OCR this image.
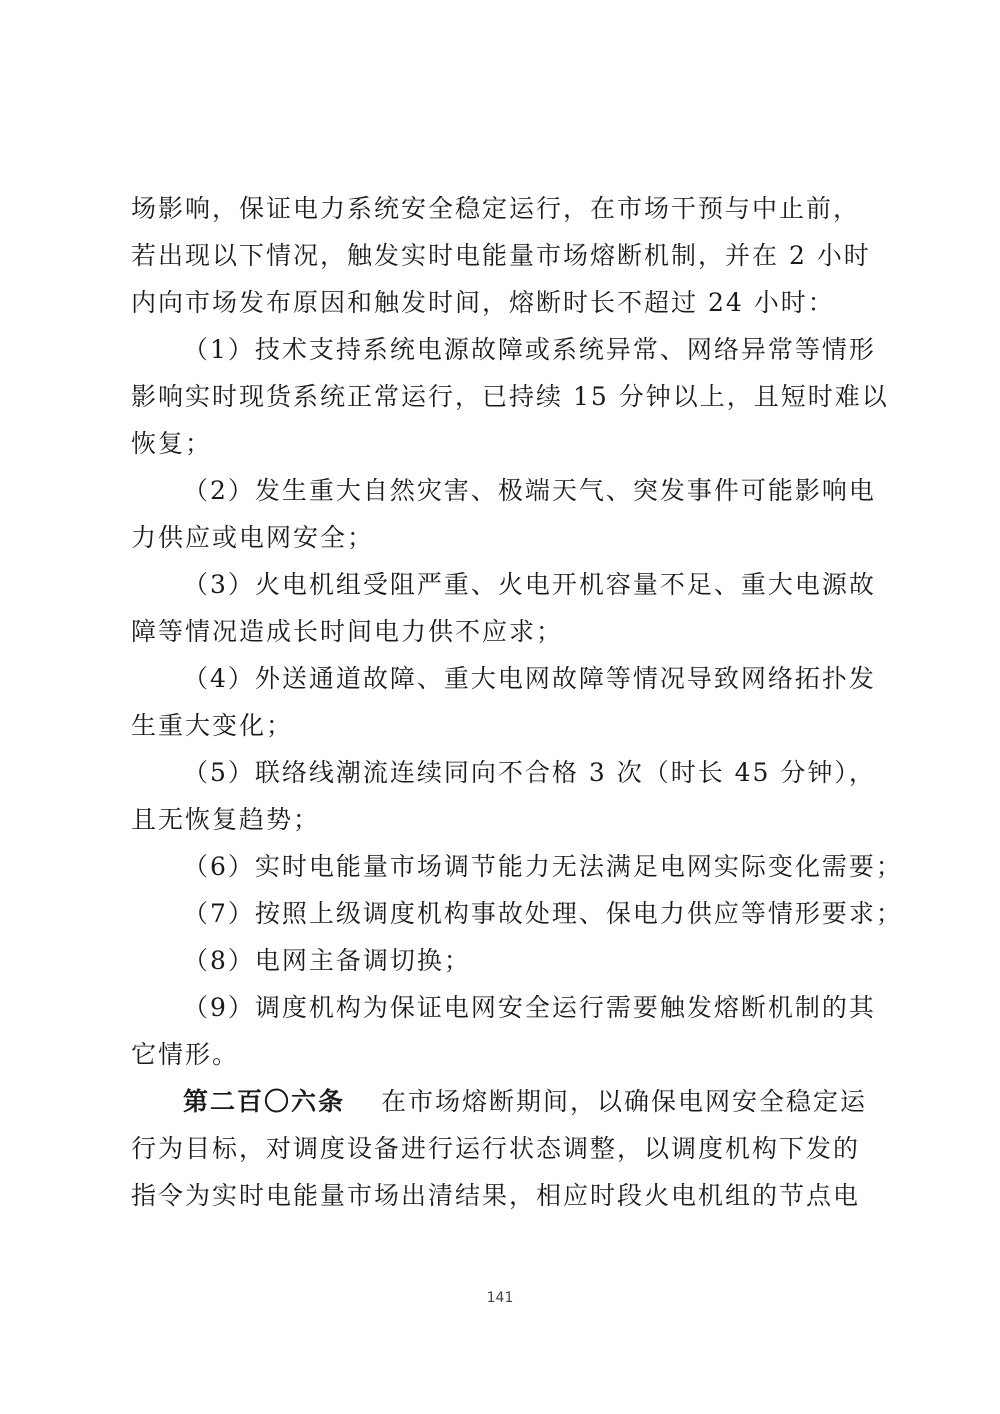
场影响，保证电力系统安全稳定运行，在市场干预与中止前，
若出现以下情况，触发实时电能量市场熔断机制，并在 2 小时
内向市场发布原因和触发时间，熔断时长不超过 24 小时：
（1）技术支持系统电源故障或系统异常、网络异常等情形
影响实时现货系统正常运行，已持续 15 分钟以上，且短时难以
恢复；
（2）发生重大自然灾害、极端天气、突发事件可能影响电
力供应或电网安全；
（3）火电机组受阻严重、火电开机容量不足、重大电源故
障等情况造成长时间电力供不应求；
（4）外送通道故障、重大电网故障等情况导致网络拓扑发
生重大变化；
（5）联络线潮流连续同向不合格 3 次（时长 45 分钟），
且无恢复趋势；
（6）实时电能量市场调节能力无法满足电网实际变化需要；
（7）按照上级调度机构事故处理、保电力供应等情形要求；
（8）电网主备调切换；
（9）调度机构为保证电网安全运行需要触发熔断机制的其
它情形。
第二百〇六条 在市场熔断期间，以确保电网安全稳定运
行为目标，对调度设备进行运行状态调整，以调度机构下发的
指令为实时电能量市场出清结果，相应时段火电机组的节点电
141
